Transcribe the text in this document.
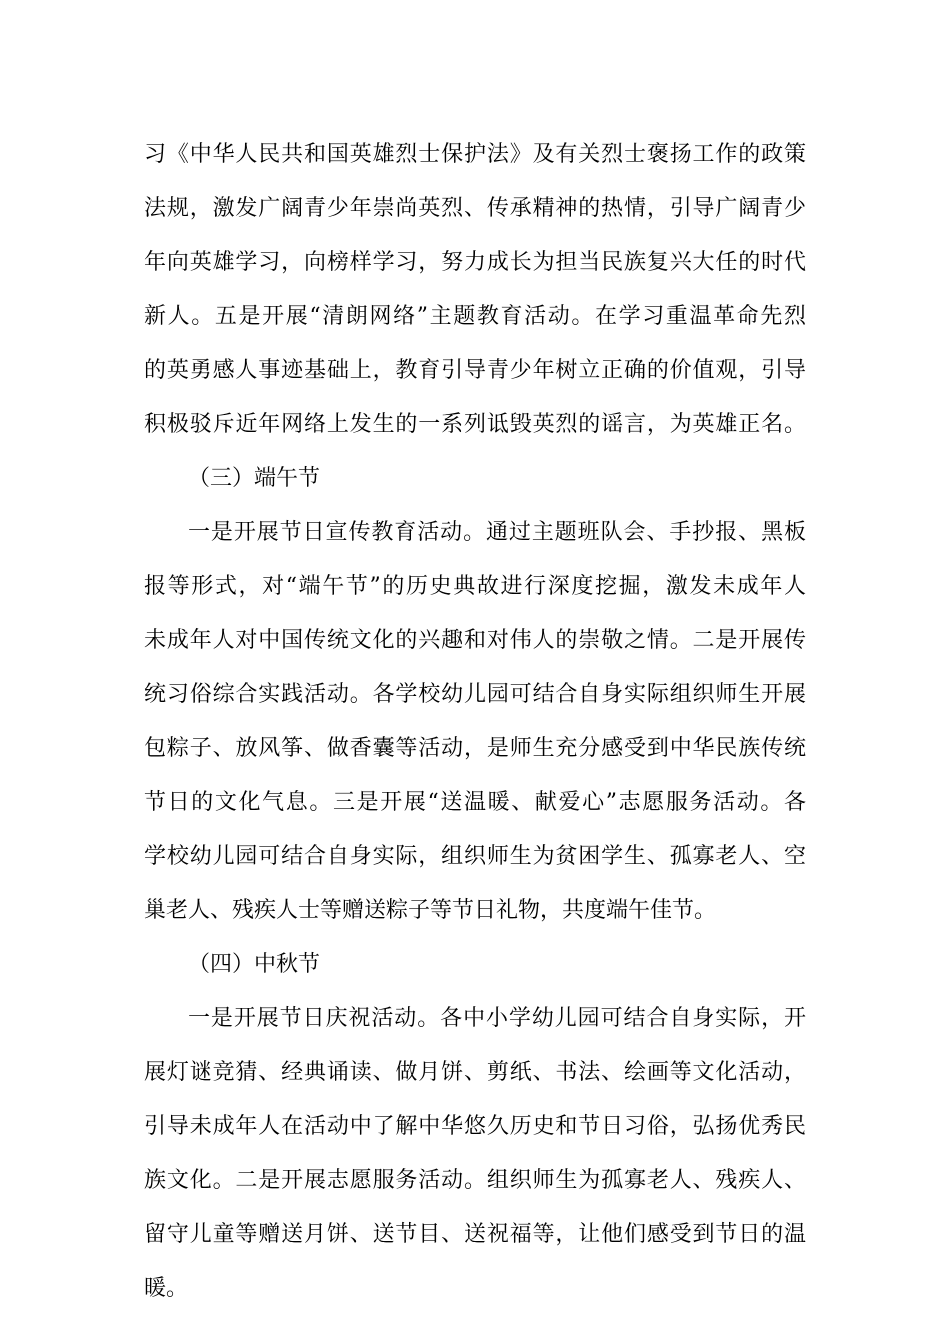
习《中华人民共和国英雄烈士保护法》及有关烈士褒扬工作的政策
法规，激发广阔青少年崇尚英烈、传承精神的热情，引导广阔青少
年向英雄学习，向榜样学习，努力成长为担当民族复兴大任的时代
新人。五是开展“清朗网络”主题教育活动。在学习重温革命先烈
的英勇感人事迹基础上，教育引导青少年树立正确的价值观，引导
积极驳斥近年网络上发生的一系列诋毁英烈的谣言，为英雄正名。
（三）端午节
一是开展节日宣传教育活动。通过主题班队会、手抄报、黑板
报等形式，对“端午节”的历史典故进行深度挖掘，激发未成年人
未成年人对中国传统文化的兴趣和对伟人的崇敬之情。二是开展传
统习俗综合实践活动。各学校幼儿园可结合自身实际组织师生开展
包粽子、放风筝、做香囊等活动，是师生充分感受到中华民族传统
节日的文化气息。三是开展“送温暖、献爱心”志愿服务活动。各
学校幼儿园可结合自身实际，组织师生为贫困学生、孤寡老人、空
巢老人、残疾人士等赠送粽子等节日礼物，共度端午佳节。
（四）中秋节
一是开展节日庆祝活动。各中小学幼儿园可结合自身实际，开
展灯谜竞猜、经典诵读、做月饼、剪纸、书法、绘画等文化活动，
引导未成年人在活动中了解中华悠久历史和节日习俗，弘扬优秀民
族文化。二是开展志愿服务活动。组织师生为孤寡老人、残疾人、
留守儿童等赠送月饼、送节目、送祝福等，让他们感受到节日的温
暖。
